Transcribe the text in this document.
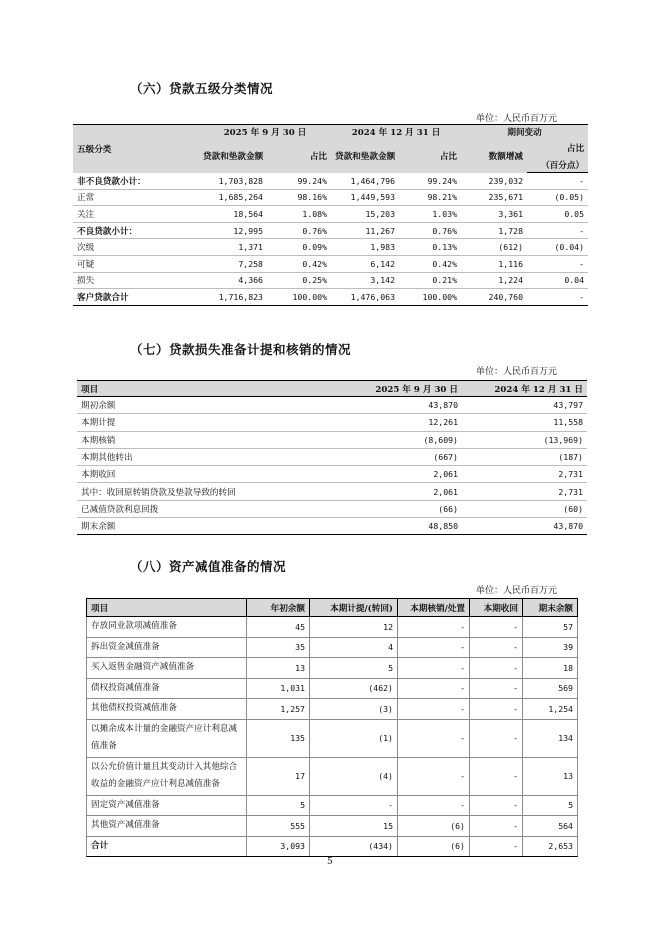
（六）贷款五级分类情况
单位：人民币百万元
五级分类	2025 年 9 月 30 日		2024 年 12 月 31 日		期间变动	
	贷款和垫款金额	占比	贷款和垫款金额	占比	数额增减	占比
						（百分点）
非不良贷款小计：	1,703,828	99.24%	1,464,796	99.24%	239,032	-
正常	1,685,264	98.16%	1,449,593	98.21%	235,671	(0.05)
关注	18,564	1.08%	15,203	1.03%	3,361	0.05
不良贷款小计：	12,995	0.76%	11,267	0.76%	1,728	-
次级	1,371	0.09%	1,983	0.13%	(612)	(0.04)
可疑	7,258	0.42%	6,142	0.42%	1,116	-
损失	4,366	0.25%	3,142	0.21%	1,224	0.04
客户贷款合计	1,716,823	100.00%	1,476,063	100.00%	240,760	-
（七）贷款损失准备计提和核销的情况
单位：人民币百万元
项目	2025 年 9 月 30 日	2024 年 12 月 31 日
期初余额	43,870	43,797
本期计提	12,261	11,558
本期核销	(8,609)	(13,969)
本期其他转出	(667)	(187)
本期收回	2,061	2,731
其中：收回原转销贷款及垫款导致的转回	2,061	2,731
已减值贷款利息回拨	(66)	(60)
期末余额	48,850	43,870
（八）资产减值准备的情况
单位：人民币百万元
项目	年初余额	本期计提/(转回)	本期核销/处置	本期收回	期末余额
存放同业款项减值准备	45	12	-	-	57
拆出资金减值准备	35	4	-	-	39
买入返售金融资产减值准备	13	5	-	-	18
债权投资减值准备	1,031	(462)	-	-	569
其他债权投资减值准备	1,257	(3)	-	-	1,254
以摊余成本计量的金融资产应计利息减值准备	135	(1)	-	-	134
以公允价值计量且其变动计入其他综合收益的金融资产应计利息减值准备	17	(4)	-	-	13
固定资产减值准备	5	-	-	-	5
其他资产减值准备	555	15	(6)	-	564
合计	3,093	(434)	(6)	-	2,653
5
